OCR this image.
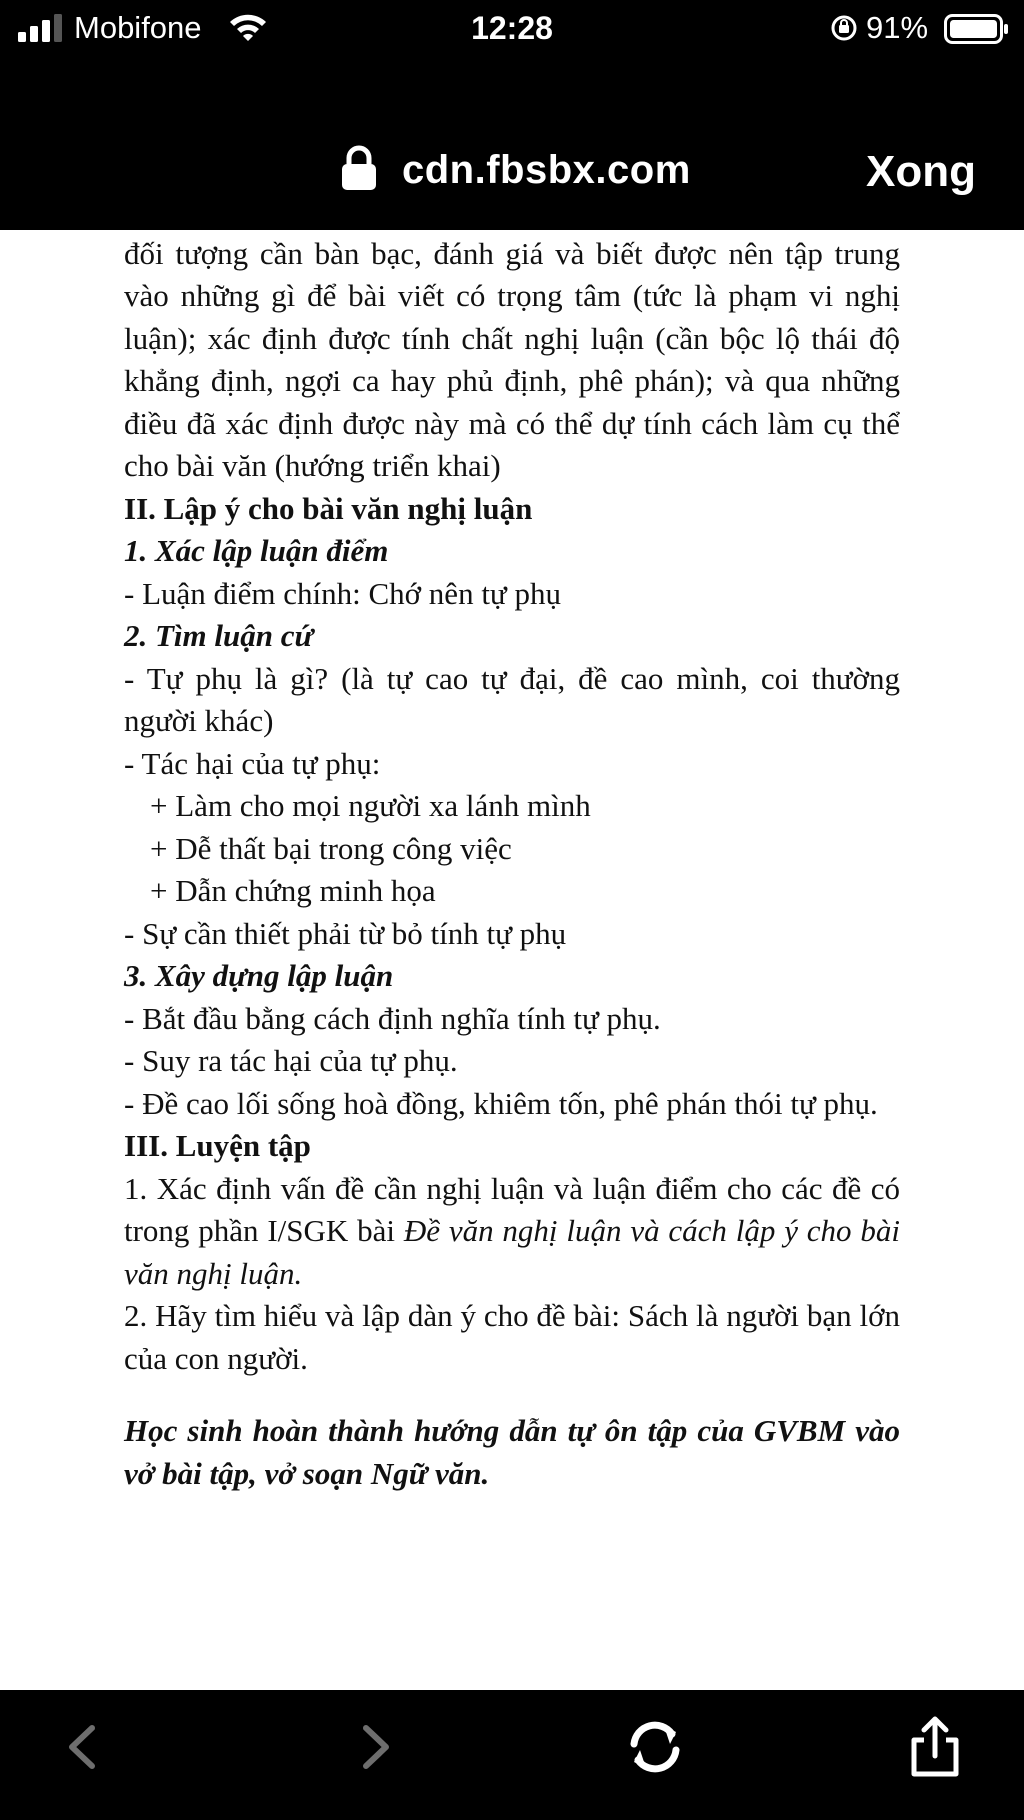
Mobifone	12:28	91%
cdn.fbsbx.com	Xong

đối tượng cần bàn bạc, đánh giá và biết được nên tập trung vào những gì để bài viết có trọng tâm (tức là phạm vi nghị luận); xác định được tính chất nghị luận (cần bộc lộ thái độ khẳng định, ngợi ca hay phủ định, phê phán); và qua những điều đã xác định được này mà có thể dự tính cách làm cụ thể cho bài văn (hướng triển khai)

II. Lập ý cho bài văn nghị luận

1. Xác lập luận điểm

- Luận điểm chính: Chớ nên tự phụ

2. Tìm luận cứ

- Tự phụ là gì? (là tự cao tự đại, đề cao mình, coi thường người khác)

- Tác hại của tự phụ:

+ Làm cho mọi người xa lánh mình

+ Dễ thất bại trong công việc

+ Dẫn chứng minh họa

- Sự cần thiết phải từ bỏ tính tự phụ

3. Xây dựng lập luận

- Bắt đầu bằng cách định nghĩa tính tự phụ.

- Suy ra tác hại của tự phụ.

- Đề cao lối sống hoà đồng, khiêm tốn, phê phán thói tự phụ.

III. Luyện tập

1. Xác định vấn đề cần nghị luận và luận điểm cho các đề có trong phần I/SGK bài Đề văn nghị luận và cách lập ý cho bài văn nghị luận.

2. Hãy tìm hiểu và lập dàn ý cho đề bài: Sách là người bạn lớn của con người.

Học sinh hoàn thành hướng dẫn tự ôn tập của GVBM vào vở bài tập, vở soạn Ngữ văn.
